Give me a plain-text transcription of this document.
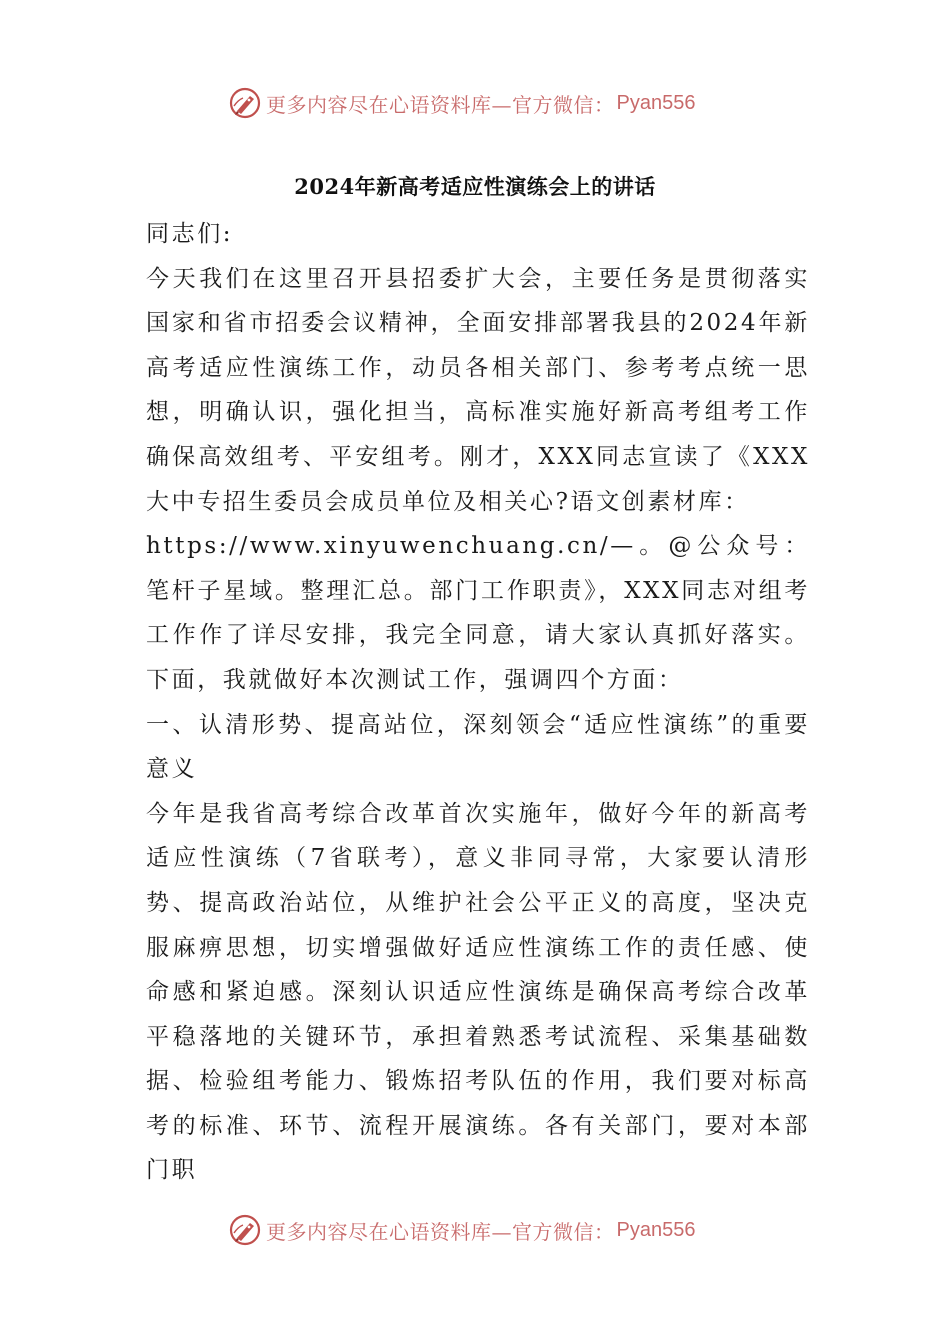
更多内容尽在心语资料库—官方微信： Pyan556
2024年新高考适应性演练会上的讲话

同志们:

今天我们在这里召开县招委扩大会，主要任务是贯彻落实国家和省市招委会议精神，全面安排部署我县的2024年新高考适应性演练工作，动员各相关部门、参考考点统一思想，明确认识，强化担当，高标准实施好新高考组考工作确保高效组考、平安组考。刚才，XXX同志宣读了《XXX大中专招生委员会成员单位及相关心?语文创素材库：

https://www.xinyuwenchuang.cn/—。@公众号：笔杆子星域。整理汇总。部门工作职责》，XXX同志对组考工作作了详尽安排，我完全同意，请大家认真抓好落实。下面，我就做好本次测试工作，强调四个方面：

一、认清形势、提高站位，深刻领会“适应性演练”的重要意义

今年是我省高考综合改革首次实施年，做好今年的新高考适应性演练（7省联考），意义非同寻常，大家要认清形势、提高政治站位，从维护社会公平正义的高度，坚决克服麻痹思想，切实增强做好适应性演练工作的责任感、使命感和紧迫感。深刻认识适应性演练是确保高考综合改革平稳落地的关键环节，承担着熟悉考试流程、采集基础数据、检验组考能力、锻炼招考队伍的作用，我们要对标高考的标准、环节、流程开展演练。各有关部门，要对本部门职

更多内容尽在心语资料库—官方微信： Pyan556
